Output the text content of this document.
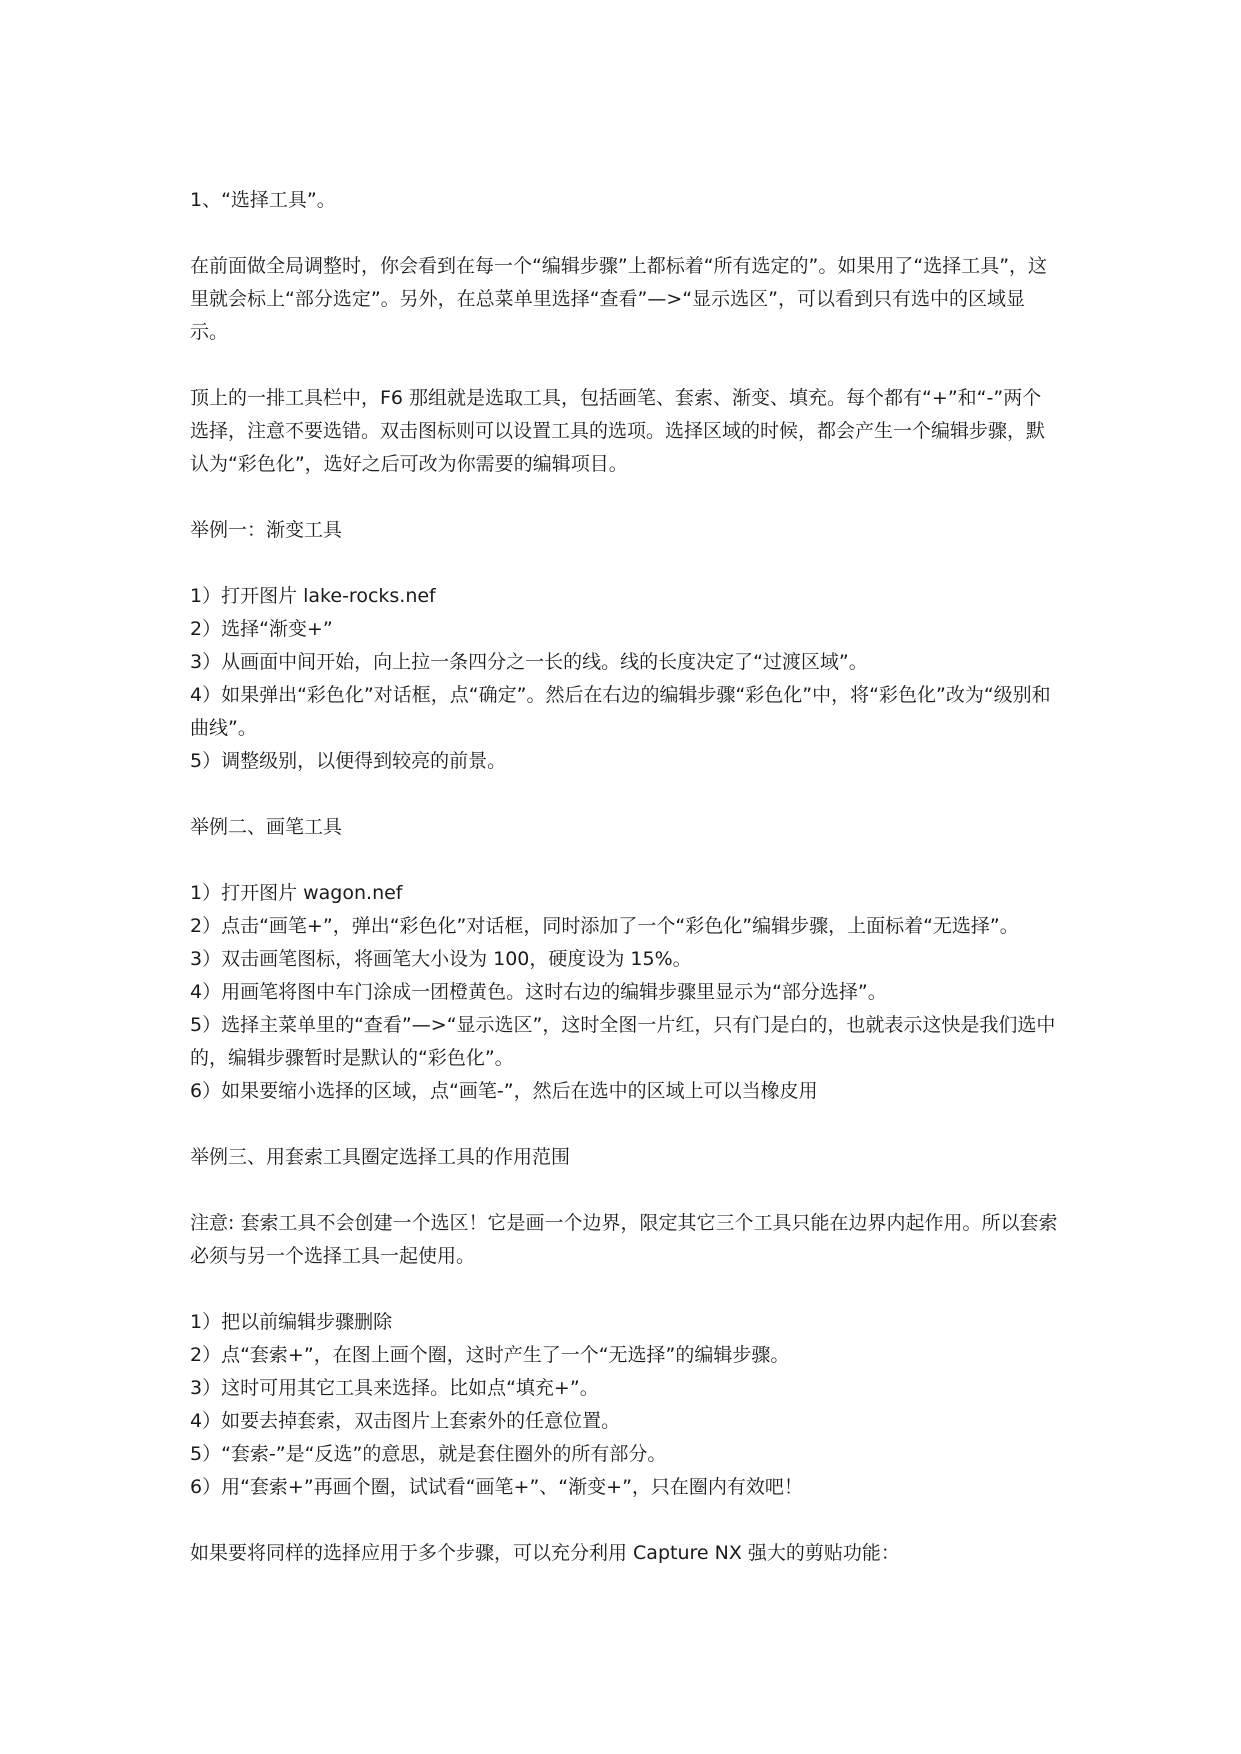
1、“选择工具”。

在前面做全局调整时，你会看到在每一个“编辑步骤”上都标着“所有选定的”。如果用了“选择工具”，这里就会标上“部分选定”。另外，在总菜单里选择“查看”—>“显示选区”，可以看到只有选中的区域显示。

顶上的一排工具栏中，F6 那组就是选取工具，包括画笔、套索、渐变、填充。每个都有“+”和“-”两个选择，注意不要选错。双击图标则可以设置工具的选项。选择区域的时候，都会产生一个编辑步骤，默认为“彩色化”，选好之后可改为你需要的编辑项目。

举例一：渐变工具

1）打开图片 lake-rocks.nef

2）选择“渐变+”

3）从画面中间开始，向上拉一条四分之一长的线。线的长度决定了“过渡区域”。

4）如果弹出“彩色化”对话框，点“确定”。然后在右边的编辑步骤“彩色化”中，将“彩色化”改为“级别和曲线”。

5）调整级别，以便得到较亮的前景。

举例二、画笔工具

1）打开图片 wagon.nef

2）点击“画笔+”，弹出“彩色化”对话框，同时添加了一个“彩色化”编辑步骤，上面标着“无选择”。

3）双击画笔图标，将画笔大小设为 100，硬度设为 15%。

4）用画笔将图中车门涂成一团橙黄色。这时右边的编辑步骤里显示为“部分选择”。

5）选择主菜单里的“查看”—>“显示选区”，这时全图一片红，只有门是白的，也就表示这快是我们选中的，编辑步骤暂时是默认的“彩色化”。

6）如果要缩小选择的区域，点“画笔-”，然后在选中的区域上可以当橡皮用

举例三、用套索工具圈定选择工具的作用范围

注意: 套索工具不会创建一个选区！它是画一个边界，限定其它三个工具只能在边界内起作用。所以套索必须与另一个选择工具一起使用。

1）把以前编辑步骤删除

2）点“套索+”，在图上画个圈，这时产生了一个“无选择”的编辑步骤。

3）这时可用其它工具来选择。比如点“填充+”。

4）如要去掉套索，双击图片上套索外的任意位置。

5）“套索-”是“反选”的意思，就是套住圈外的所有部分。

6）用“套索+”再画个圈，试试看“画笔+”、“渐变+”，只在圈内有效吧！

如果要将同样的选择应用于多个步骤，可以充分利用 Capture NX 强大的剪贴功能：
